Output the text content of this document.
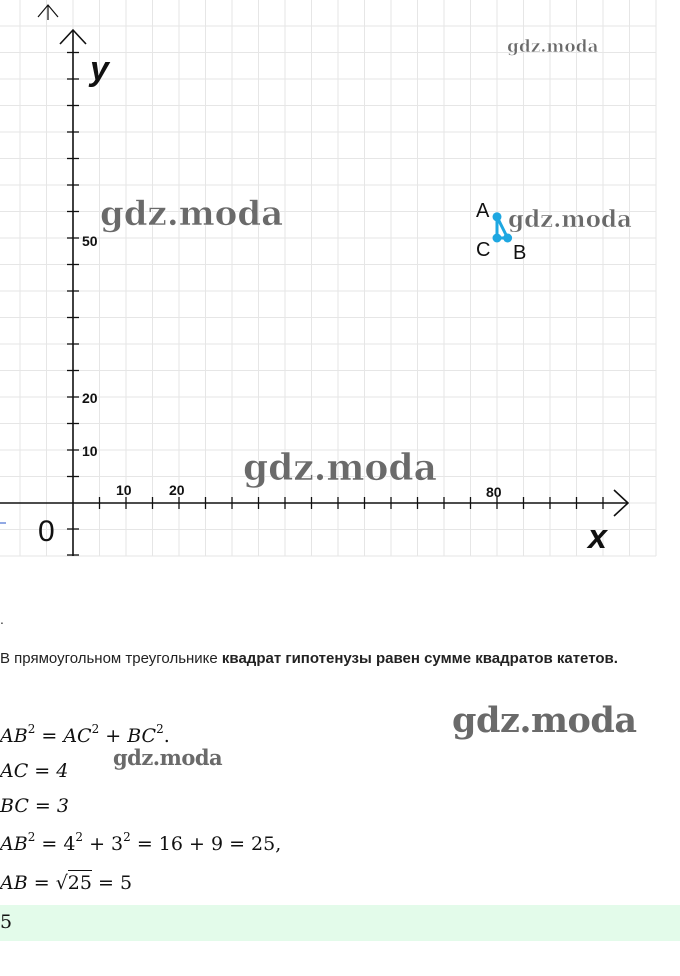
y
x
0
10	20	80
10
20
50
A
B
C
gdz.moda
gdz.moda	gdz.moda
gdz.moda
.
В прямоугольном треугольнике квадрат гипотенузы равен сумме квадратов катетов.
$AB^2 = AC^2 + BC^2$.
AC = 4
BC = 3
$AB^2 = 4^2 + 3^2 = 16 + 9 = 25$,
AB = √25 = 5
gdz.moda
gdz.moda
5
